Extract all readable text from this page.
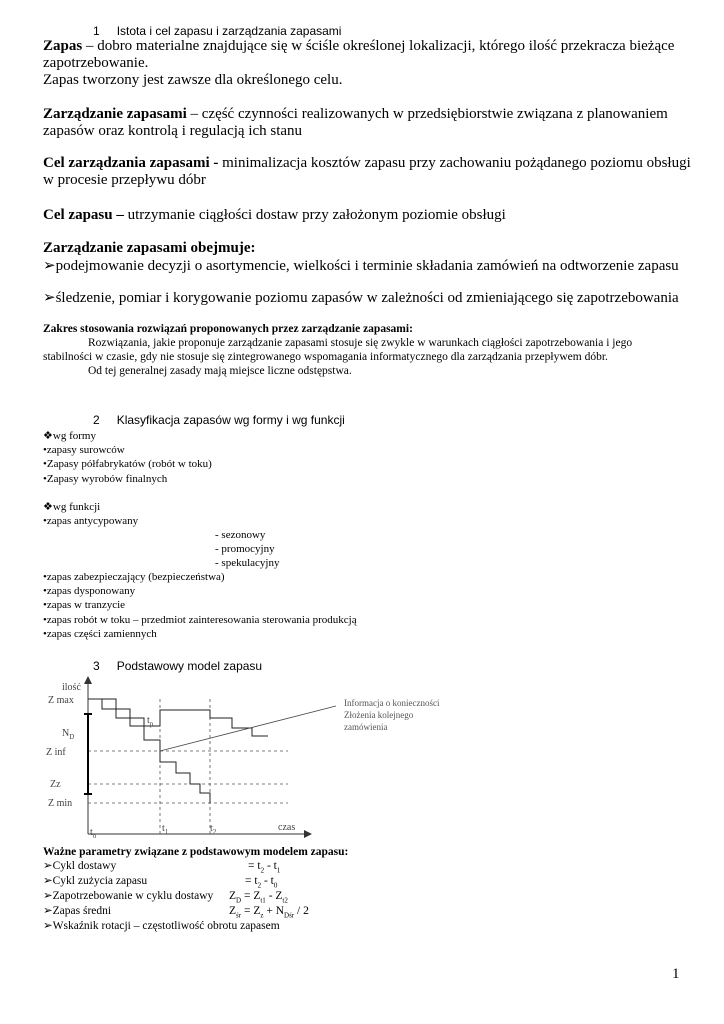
1 Istota i cel zapasu i zarządzania zapasami
Zapas – dobro materialne znajdujące się w ściśle określonej lokalizacji, którego ilość przekracza bieżące
zapotrzebowanie.
Zapas tworzony jest zawsze dla określonego celu.
Zarządzanie zapasami – część czynności realizowanych w przedsiębiorstwie związana z planowaniem
zapasów oraz kontrolą i regulacją ich stanu
Cel zarządzania zapasami - minimalizacja kosztów zapasu przy zachowaniu pożądanego poziomu obsługi
w procesie przepływu dóbr
Cel zapasu – utrzymanie ciągłości dostaw przy założonym poziomie obsługi
Zarządzanie zapasami obejmuje:
➢podejmowanie decyzji o asortymencie, wielkości i terminie składania zamówień na odtworzenie zapasu
➢śledzenie, pomiar i korygowanie poziomu zapasów w zależności od zmieniającego się zapotrzebowania
Zakres stosowania rozwiązań proponowanych przez zarządzanie zapasami:
Rozwiązania, jakie proponuje zarządzanie zapasami stosuje się zwykle w warunkach ciągłości zapotrzebowania i jego
stabilności w czasie, gdy nie stosuje się zintegrowanego wspomagania informatycznego dla zarządzania przepływem dóbr.
Od tej generalnej zasady mają miejsce liczne odstępstwa.
2 Klasyfikacja zapasów wg formy i wg funkcji
❖wg formy
•zapasy surowców
•Zapasy półfabrykatów (robót w toku)
•Zapasy wyrobów finalnych
❖wg funkcji
•zapas antycypowany
- sezonowy
- promocyjny
- spekulacyjny
•zapas zabezpieczający (bezpieczeństwa)
•zapas dysponowany
•zapas w tranzycie
•zapas robót w toku – przedmiot zainteresowania sterowania produkcją
•zapas części zamiennych
3 Podstawowy model zapasu
ilość
Z max
$N_D$
Z inf
Zz
Z min
$t_p$
$t_o$
$t_1$	$t_2$	czas
Informacja o konieczności
Złożenia kolejnego
zamówienia
Ważne parametry związane z podstawowym modelem zapasu:
➢Cykl dostawy	= $t_2 - t_1$
➢Cykl zużycia zapasu	= $t_2 - t_0$
➢Zapotrzebowanie w cyklu dostawy $Z_D = Z_{t1} - Z_{t2}$
➢Zapas średni	$Z_{śr} = Z_z + N_{Dśr} / 2$
➢Wskaźnik rotacji – częstotliwość obrotu zapasem
1
